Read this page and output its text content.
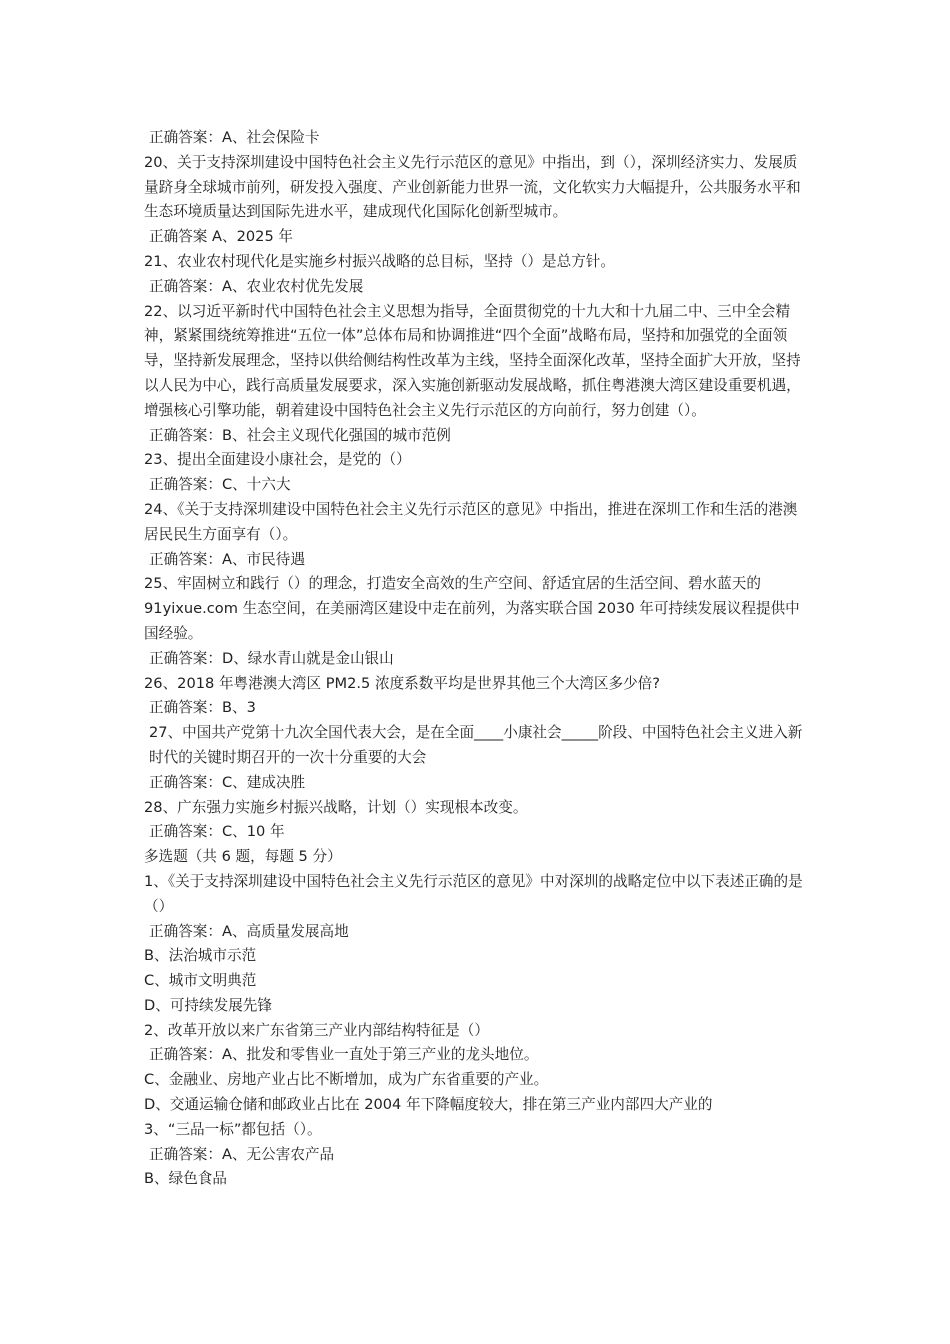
正确答案：A、社会保险卡

20、关于支持深圳建设中国特色社会主义先行示范区的意见》中指出，到（），深圳经济实力、发展质量跻身全球城市前列，研发投入强度、产业创新能力世界一流，文化软实力大幅提升，公共服务水平和生态环境质量达到国际先进水平，建成现代化国际化创新型城市。

正确答案 A、2025 年

21、农业农村现代化是实施乡村振兴战略的总目标，坚持（）是总方针。

正确答案：A、农业农村优先发展

22、以习近平新时代中国特色社会主义思想为指导，全面贯彻党的十九大和十九届二中、三中全会精神，紧紧围绕统筹推进“五位一体”总体布局和协调推进“四个全面”战略布局，坚持和加强党的全面领导，坚持新发展理念，坚持以供给侧结构性改革为主线，坚持全面深化改革，坚持全面扩大开放，坚持以人民为中心，践行高质量发展要求，深入实施创新驱动发展战略，抓住粤港澳大湾区建设重要机遇，增强核心引擎功能，朝着建设中国特色社会主义先行示范区的方向前行，努力创建（）。

正确答案：B、社会主义现代化强国的城市范例

23、提出全面建设小康社会，是党的（）

正确答案：C、十六大

24、《关于支持深圳建设中国特色社会主义先行示范区的意见》中指出，推进在深圳工作和生活的港澳居民民生方面享有（）。

正确答案：A、市民待遇

25、牢固树立和践行（）的理念，打造安全高效的生产空间、舒适宜居的生活空间、碧水蓝天的91yixue.com 生态空间，在美丽湾区建设中走在前列，为落实联合国 2030 年可持续发展议程提供中国经验。

正确答案：D、绿水青山就是金山银山

26、2018 年粤港澳大湾区 PM2.5 浓度系数平均是世界其他三个大湾区多少倍?

正确答案：B、3

27、中国共产党第十九次全国代表大会，是在全面____小康社会_____阶段、中国特色社会主义进入新时代的关键时期召开的一次十分重要的大会

正确答案：C、建成决胜

28、广东强力实施乡村振兴战略，计划（）实现根本改变。

正确答案：C、10 年

多选题（共 6 题，每题 5 分）

1、《关于支持深圳建设中国特色社会主义先行示范区的意见》中对深圳的战略定位中以下表述正确的是（）

正确答案：A、高质量发展高地

B、法治城市示范

C、城市文明典范

D、可持续发展先锋

2、改革开放以来广东省第三产业内部结构特征是（）

正确答案：A、批发和零售业一直处于第三产业的龙头地位。

C、金融业、房地产业占比不断增加，成为广东省重要的产业。

D、交通运输仓储和邮政业占比在 2004 年下降幅度较大，排在第三产业内部四大产业的

3、“三品一标”都包括（）。

正确答案：A、无公害农产品

B、绿色食品
